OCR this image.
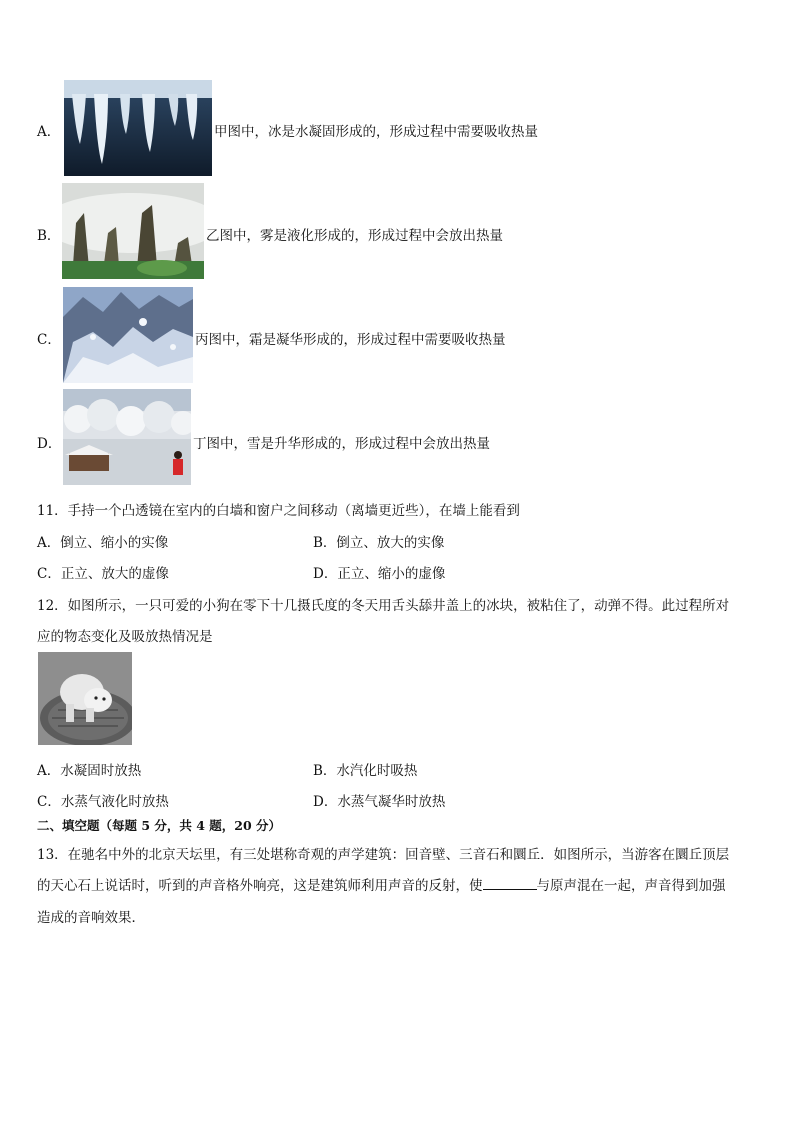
A．	甲图中，冰是水凝固形成的，形成过程中需要吸收热量
B．	乙图中，雾是液化形成的，形成过程中会放出热量
C．	丙图中，霜是凝华形成的，形成过程中需要吸收热量
D．	丁图中，雪是升华形成的，形成过程中会放出热量
11．手持一个凸透镜在室内的白墙和窗户之间移动（离墙更近些），在墙上能看到
A．倒立、缩小的实像	B．倒立、放大的实像
C．正立、放大的虚像	D．正立、缩小的虚像
12．如图所示，一只可爱的小狗在零下十几摄氏度的冬天用舌头舔井盖上的冰块，被粘住了，动弹不得。此过程所对
应的物态变化及吸放热情况是
A．水凝固时放热	B．水汽化时吸热
C．水蒸气液化时放热	D．水蒸气凝华时放热
二、填空题（每题 5 分，共 4 题，20 分）
13．在驰名中外的北京天坛里，有三处堪称奇观的声学建筑：回音壁、三音石和圜丘．如图所示，当游客在圜丘顶层
的天心石上说话时，听到的声音格外响亮，这是建筑师利用声音的反射，使	与原声混在一起，声音得到加强
造成的音响效果．
